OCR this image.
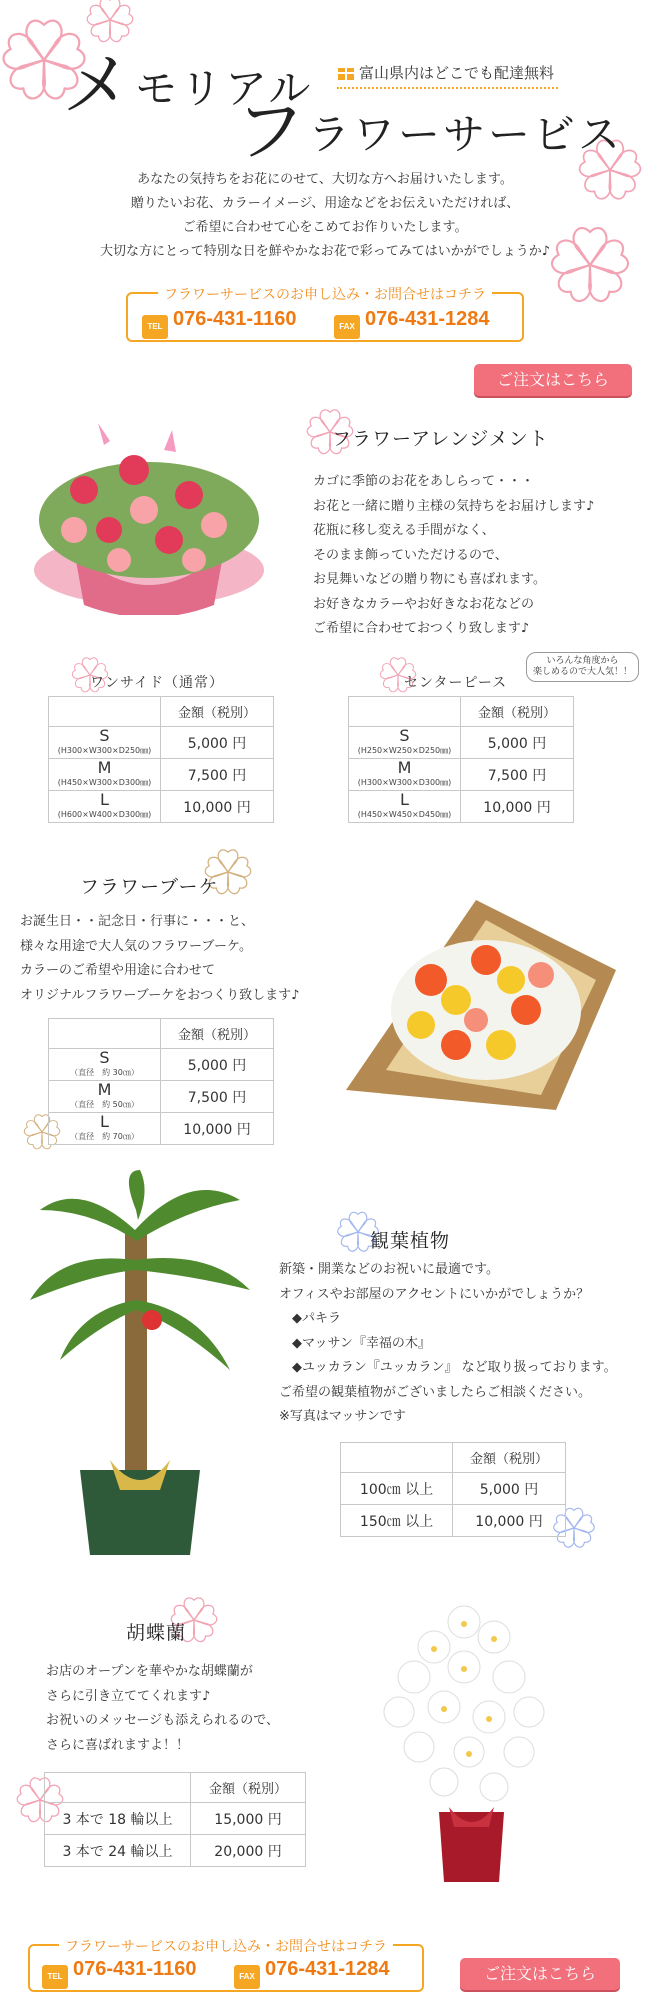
メモリアル
フラワーサービス
富山県内はどこでも配達無料
あなたの気持ちをお花にのせて、大切な方へお届けいたします。
贈りたいお花、カラーイメージ、用途などをお伝えいただければ、
ご希望に合わせて心をこめてお作りいたします。
大切な方にとって特別な日を鮮やかなお花で彩ってみてはいかがでしょうか♪
フラワーサービスのお申し込み・お問合せはコチラ
TEL 076-431-1160	FAX 076-431-1284
ご注文はこちら
フラワーアレンジメント
カゴに季節のお花をあしらって・・・
お花と一緒に贈り主様の気持ちをお届けします♪
花瓶に移し変える手間がなく、
そのまま飾っていただけるので、
お見舞いなどの贈り物にも喜ばれます。
お好きなカラーやお好きなお花などの
ご希望に合わせておつくり致します♪
ワンサイド（通常）
	金額（税別）

S
(H300×W300×D250㎜)	5,000 円

M
(H450×W300×D300㎜)	7,500 円

L
(H600×W400×D300㎜)	10,000 円
センターピース
いろんな角度から
楽しめるので大人気！！
	金額（税別）

S
(H250×W250×D250㎜)	5,000 円

M
(H300×W300×D300㎜)	7,500 円

L
(H450×W450×D450㎜)	10,000 円
フラワーブーケ
お誕生日・・記念日・行事に・・・と、
様々な用途で大人気のフラワーブーケ。
カラーのご希望や用途に合わせて
オリジナルフラワーブーケをおつくり致します♪
	金額（税別）

S
（直径　約 30㎝）	5,000 円

M
（直径　約 50㎝）	7,500 円

L
（直径　約 70㎝）	10,000 円
観葉植物
新築・開業などのお祝いに最適です。
オフィスやお部屋のアクセントにいかがでしょうか？
　◆パキラ
　◆マッサン『幸福の木』
　◆ユッカラン『ユッカラン』 など取り扱っております。
ご希望の観葉植物がございましたらご相談ください。
※写真はマッサンです
	金額（税別）
100㎝ 以上	5,000 円
150㎝ 以上	10,000 円
胡蝶蘭
お店のオープンを華やかな胡蝶蘭が
さらに引き立ててくれます♪
お祝いのメッセージも添えられるので、
さらに喜ばれますよ！！
	金額（税別）
3 本で 18 輪以上	15,000 円
3 本で 24 輪以上	20,000 円
フラワーサービスのお申し込み・お問合せはコチラ
TEL 076-431-1160	FAX 076-431-1284	ご注文はこちら
